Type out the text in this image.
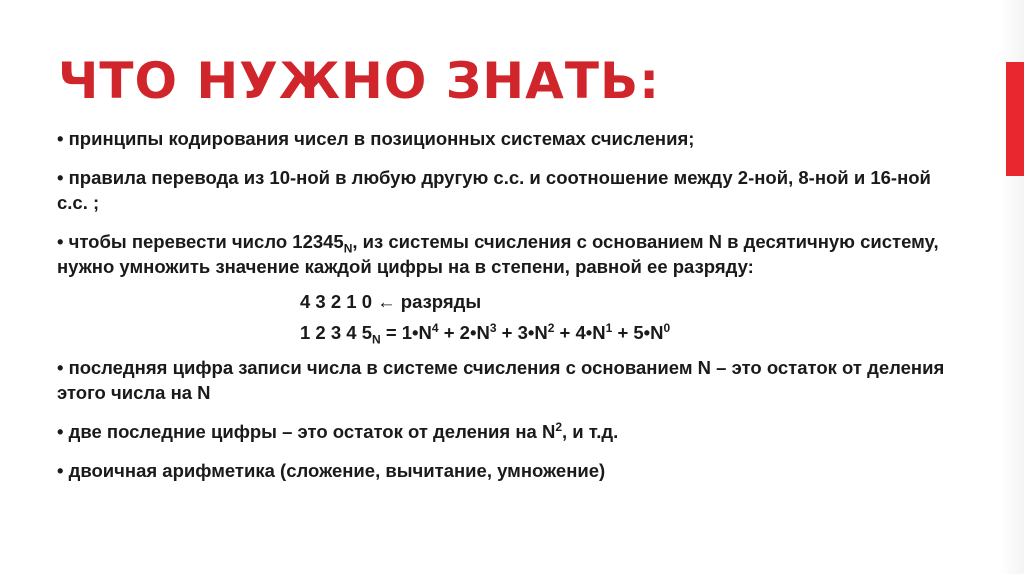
ЧТО НУЖНО ЗНАТЬ:
• принципы кодирования чисел в позиционных системах счисления;
• правила перевода из 10-ной в любую другую с.с. и соотношение между 2-ной, 8-ной и 16-ной с.с. ;
• чтобы перевести число $12345_N$, из системы счисления с основанием N в десятичную систему, нужно умножить значение каждой цифры на в степени, равной ее разряду:
4 3 2 1 0 ← разряды
1 2 3 4 $5_N$ = $1•N^4$ + $2•N^3$ + $3•N^2$ + $4•N^1$ + $5•N^0$
• последняя цифра записи числа в системе счисления с основанием N – это остаток от деления этого числа на N
• две последние цифры – это остаток от деления на $N^2$, и т.д.
• двоичная арифметика (сложение, вычитание, умножение)
